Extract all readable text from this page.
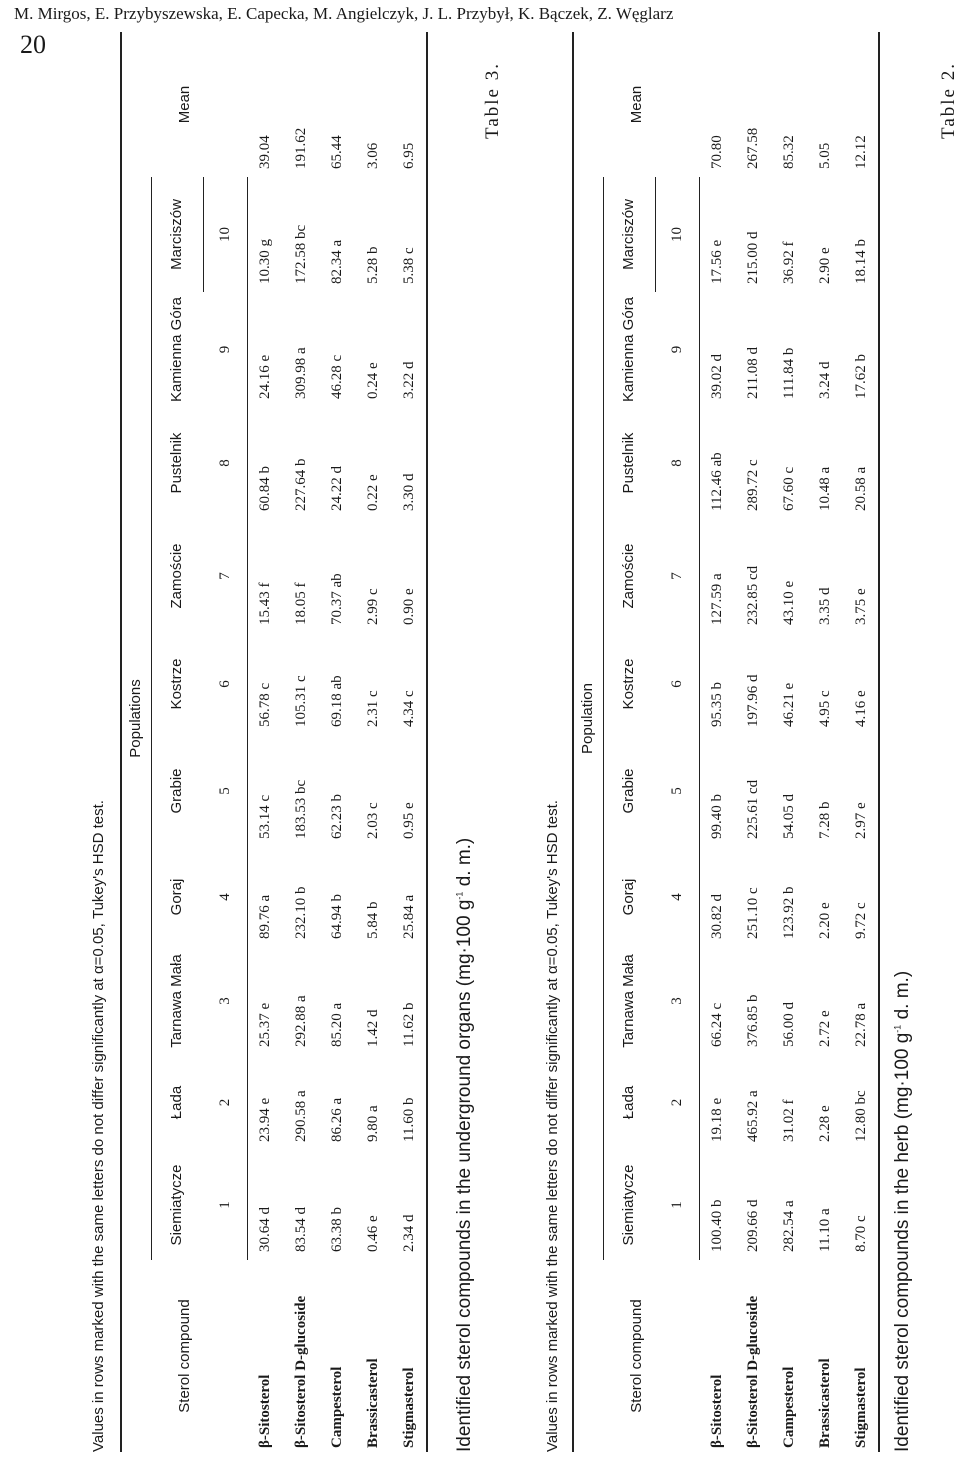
M. Mirgos, E. Przybyszewska, E. Capecka, M. Angielczyk, J. L. Przybył, K. Bączek, Z. Węglarz
20
Table 2.
Identified sterol compounds in the herb (mg·100 $g^{-1}$ d. m.)
Sterol compound	Population										Mean
	Siemiatycze	Łada	Tarnawa Mała	Goraj	Grabie	Kostrze	Zamoście	Pustelnik	Kamienna Góra	Marciszów	
	1	2	3	4	5	6	7	8	9	10	
β-Sitosterol	100.40 b	19.18 e	66.24 c	30.82 d	99.40 b	95.35 b	127.59 a	112.46 ab	39.02 d	17.56 e	70.80
β-Sitosterol D-glucoside	209.66 d	465.92 a	376.85 b	251.10 c	225.61 cd	197.96 d	232.85 cd	289.72 c	211.08 d	215.00 d	267.58
Campesterol	282.54 a	31.02 f	56.00 d	123.92 b	54.05 d	46.21 e	43.10 e	67.60 c	111.84 b	36.92 f	85.32
Brassicasterol	11.10 a	2.28 e	2.72 e	2.20 e	7.28 b	4.95 c	3.35 d	10.48 a	3.24 d	2.90 e	5.05
Stigmasterol	8.70 c	12.80 bc	22.78 a	9.72 c	2.97 e	4.16 e	3.75 e	20.58 a	17.62 b	18.14 b	12.12
Values in rows marked with the same letters do not differ significantly at α=0.05, Tukey's HSD test.
Table 3.
Identified sterol compounds in the underground organs (mg·100 $g^{-1}$ d. m.)
Sterol compound	Populations										Mean
	Siemiatycze	Łada	Tarnawa Mała	Goraj	Grabie	Kostrze	Zamoście	Pustelnik	Kamienna Góra	Marciszów	
	1	2	3	4	5	6	7	8	9	10	
β-Sitosterol	30.64 d	23.94 e	25.37 e	89.76 a	53.14 c	56.78 c	15.43 f	60.84 b	24.16 e	10.30 g	39.04
β-Sitosterol D-glucoside	83.54 d	290.58 a	292.88 a	232.10 b	183.53 bc	105.31 c	18.05 f	227.64 b	309.98 a	172.58 bc	191.62
Campesterol	63.38 b	86.26 a	85.20 a	64.94 b	62.23 b	69.18 ab	70.37 ab	24.22 d	46.28 c	82.34 a	65.44
Brassicasterol	0.46 e	9.80 a	1.42 d	5.84 b	2.03 c	2.31 c	2.99 c	0.22 e	0.24 e	5.28 b	3.06
Stigmasterol	2.34 d	11.60 b	11.62 b	25.84 a	0.95 e	4.34 c	0.90 e	3.30 d	3.22 d	5.38 c	6.95
Values in rows marked with the same letters do not differ significantly at α=0.05, Tukey's HSD test.
